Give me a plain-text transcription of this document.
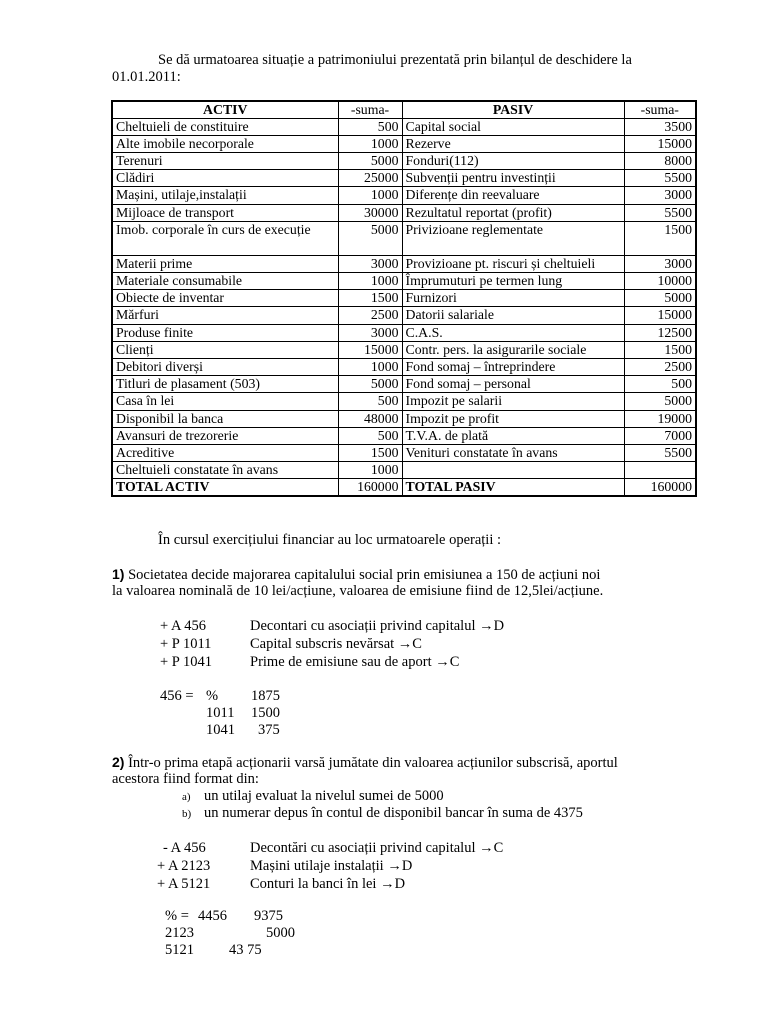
Se dă urmatoarea situație a patrimoniului prezentată prin bilanțul de deschidere la
01.01.2011:
ACTIV	-suma-	PASIV	-suma-
Cheltuieli de constituire	500	Capital social	3500
Alte imobile necorporale	1000	Rezerve	15000
Terenuri	5000	Fonduri(112)	8000
Clădiri	25000	Subvenții pentru investinții	5500
Mașini, utilaje,instalații	1000	Diferențe din reevaluare	3000
Mijloace de transport	30000	Rezultatul reportat (profit)	5500
Imob. corporale în curs de execuție	5000	Privizioane reglementate	1500
Materii prime	3000	Provizioane pt. riscuri și cheltuieli	3000
Materiale consumabile	1000	Împrumuturi pe termen lung	10000
Obiecte de inventar	1500	Furnizori	5000
Mărfuri	2500	Datorii salariale	15000
Produse finite	3000	C.A.S.	12500
Clienți	15000	Contr. pers. la asigurarile sociale	1500
Debitori diverși	1000	Fond somaj – întreprindere	2500
Titluri de plasament (503)	5000	Fond somaj – personal	500
Casa în lei	500	Impozit pe salarii	5000
Disponibil la banca	48000	Impozit pe profit	19000
Avansuri de trezorerie	500	T.V.A. de plată	7000
Acreditive	1500	Venituri constatate în avans	5500
Cheltuieli constatate în avans	1000		
TOTAL ACTIV	160000	TOTAL PASIV	160000
În cursul exercițiului financiar au loc urmatoarele operații :
1) Societatea decide majorarea capitalului social prin emisiunea a 150 de acțiuni noi
la valoarea nominală de 10 lei/acțiune, valoarea de emisiune fiind de 12,5lei/acțiune.
+ A 456	Decontari cu asociații privind capitalul →D
+ P 1011	Capital subscris nevărsat →C
+ P 1041	Prime de emisiune sau de aport →C
456 = % 1875
1011 1500
1041 375
2) Într-o prima etapă acționarii varsă jumătate din valoarea acțiunilor subscrisă, aportul
acestora fiind format din:
a) un utilaj evaluat la nivelul sumei de 5000
b) un numerar depus în contul de disponibil bancar în suma de 4375
- A 456	Decontări cu asociații privind capitalul →C
+ A 2123	Mașini utilaje instalații →D
+ A 5121	Conturi la banci în lei →D
% = 4456 9375
2123	5000
5121 43 75
